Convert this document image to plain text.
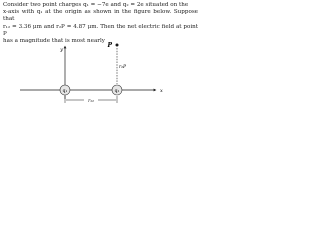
Consider two point charges q₁ = −7e and q₂ = 2e situated on the
x-axis with q₁ at the origin as shown in the figure below. Suppose that
r₁₂ = 3.36 μm and r₂P = 4.87 μm. Then the net electric field at point P
has a magnitude that is most nearly
y
x
P
r₂P
q₁	q₂
r₁₂
